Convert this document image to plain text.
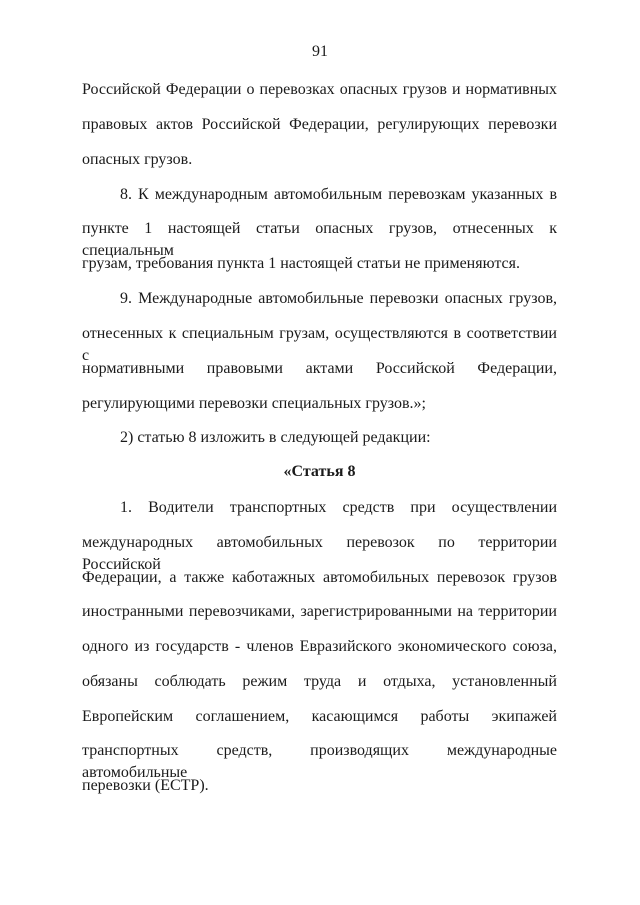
91
Российской Федерации о перевозках опасных грузов и нормативных
правовых актов Российской Федерации, регулирующих перевозки
опасных грузов.
8. К международным автомобильным перевозкам указанных в
пункте 1 настоящей статьи опасных грузов, отнесенных к специальным
грузам, требования пункта 1 настоящей статьи не применяются.
9. Международные автомобильные перевозки опасных грузов,
отнесенных к специальным грузам, осуществляются в соответствии с
нормативными правовыми актами Российской Федерации,
регулирующими перевозки специальных грузов.»;
2) статью 8 изложить в следующей редакции:
«Статья 8
1. Водители транспортных средств при осуществлении
международных автомобильных перевозок по территории Российской
Федерации, а также каботажных автомобильных перевозок грузов
иностранными перевозчиками, зарегистрированными на территории
одного из государств - членов Евразийского экономического союза,
обязаны соблюдать режим труда и отдыха, установленный
Европейским соглашением, касающимся работы экипажей
транспортных средств, производящих международные автомобильные
перевозки (ЕСТР).
